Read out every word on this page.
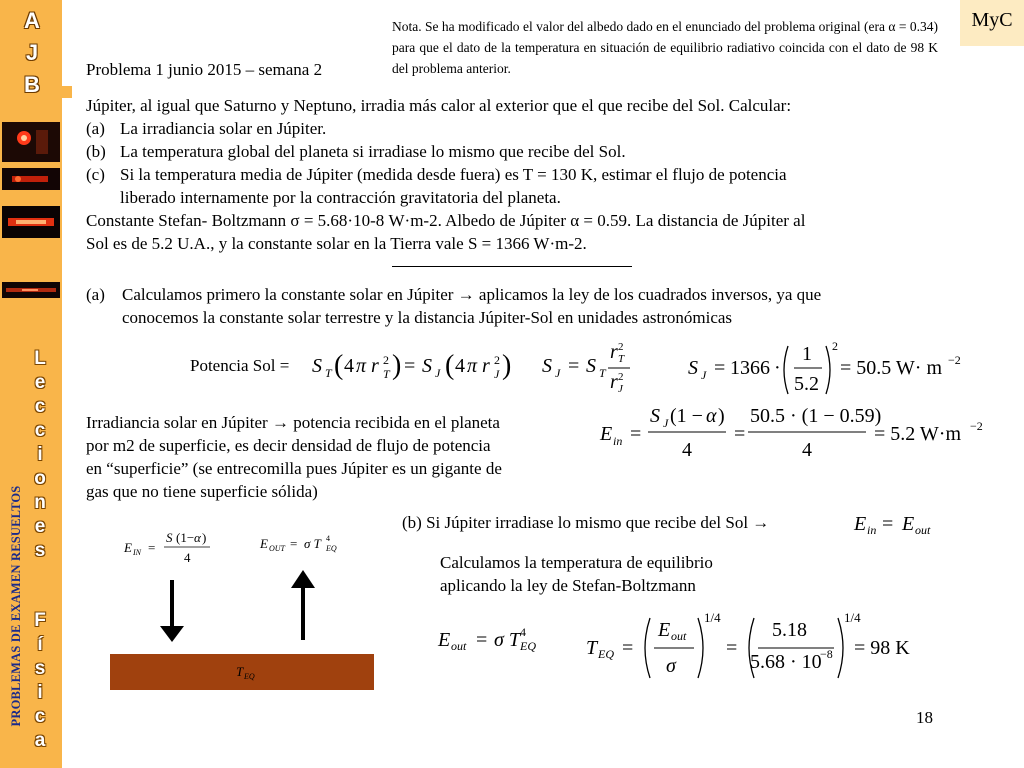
A
J
B
L
e
c
c
i
o
n
e
s
F
í
s
i
c
a
PROBLEMAS DE EXAMEN RESUELTOS
MyC
Nota. Se ha modificado el valor del albedo dado en el enunciado del problema original (era α = 0.34) para que el dato de la temperatura en situación de equilibrio radiativo coincida con el dato de 98 K del problema anterior.
Problema 1 junio 2015 – semana 2
Júpiter, al igual que Saturno y Neptuno, irradia más calor al exterior que el que recibe del Sol. Calcular:
(a) La irradiancia solar en Júpiter.
(b) La temperatura global del planeta si irradiase lo mismo que recibe del Sol.
(c) Si la temperatura media de Júpiter (medida desde fuera) es T = 130 K, estimar el flujo de potencia
liberado internamente por la contracción gravitatoria del planeta.
Constante Stefan- Boltzmann σ = 5.68·10-8 W·m-2. Albedo de Júpiter α = 0.59. La distancia de Júpiter al
Sol es de 5.2 U.A., y la constante solar en la Tierra vale S = 1366 W·m-2.
(a) Calculamos primero la constante solar en Júpiter → aplicamos la ley de los cuadrados inversos, ya que
conocemos la constante solar terrestre y la distancia Júpiter-Sol en unidades astronómicas
Potencia Sol = S T ( 4 π r T
2 ) = S J ( 4 π r J
2 ) S J = S T
r T
2
r J
2	S J = 1366 ·
1
5.2
2
= 50.5 W· m −2
Irradiancia solar en Júpiter → potencia recibida en el planeta
por m2 de superficie, es decir densidad de flujo de potencia
en “superficie” (se entrecomilla pues Júpiter es un gigante de
gas que no tiene superficie sólida)
E in =
S J (1 − α )
4
=
50.5 · (1 − 0.59)
4
= 5.2 W·m −2
E IN =
S (1− α )
4
E OUT = σ T EQ
4
T EQ
(b) Si Júpiter irradiase lo mismo que recibe del Sol →	E in = E out
Calculamos la temperatura de equilibrio
aplicando la ley de Stefan-Boltzmann
E out = σ T EQ
4
T EQ =
E out
σ
1/4
=
5.18
5.68 · 10
−8
1/4
= 98 K
18
